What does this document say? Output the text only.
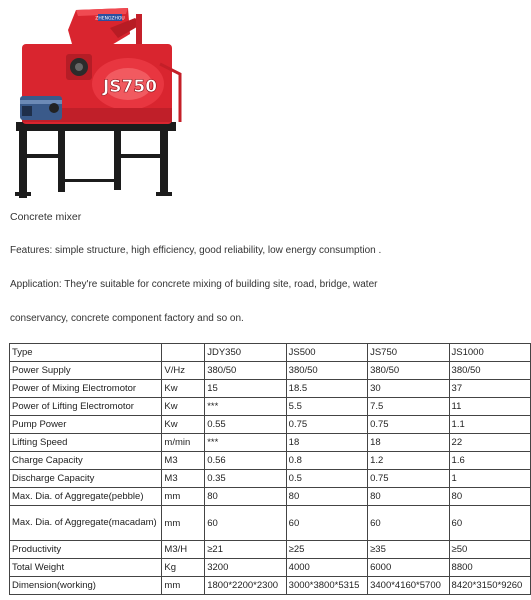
ZHENGZHOU
JS750
Concrete mixer
Features: simple structure, high efficiency, good reliability, low energy consumption .
Application: They're suitable for concrete mixing of building site, road, bridge, water
conservancy, concrete component factory and so on.
Type		JDY350	JS500	JS750	JS1000
Power Supply	V/Hz	380/50	380/50	380/50	380/50
Power of Mixing Electromotor	Kw	15	18.5	30	37
Power of Lifting Electromotor	Kw	***	5.5	7.5	11
Pump Power	Kw	0.55	0.75	0.75	1.1
Lifting Speed	m/min	***	18	18	22
Charge Capacity	M3	0.56	0.8	1.2	1.6
Discharge Capacity	M3	0.35	0.5	0.75	1
Max. Dia. of Aggregate(pebble)	mm	80	80	80	80
Max. Dia. of Aggregate(macadam)	mm	60	60	60	60
Productivity	M3/H	≥21	≥25	≥35	≥50
Total Weight	Kg	3200	4000	6000	8800
Dimension(working)	mm	1800*2200*2300	3000*3800*5315	3400*4160*5700	8420*3150*9260
